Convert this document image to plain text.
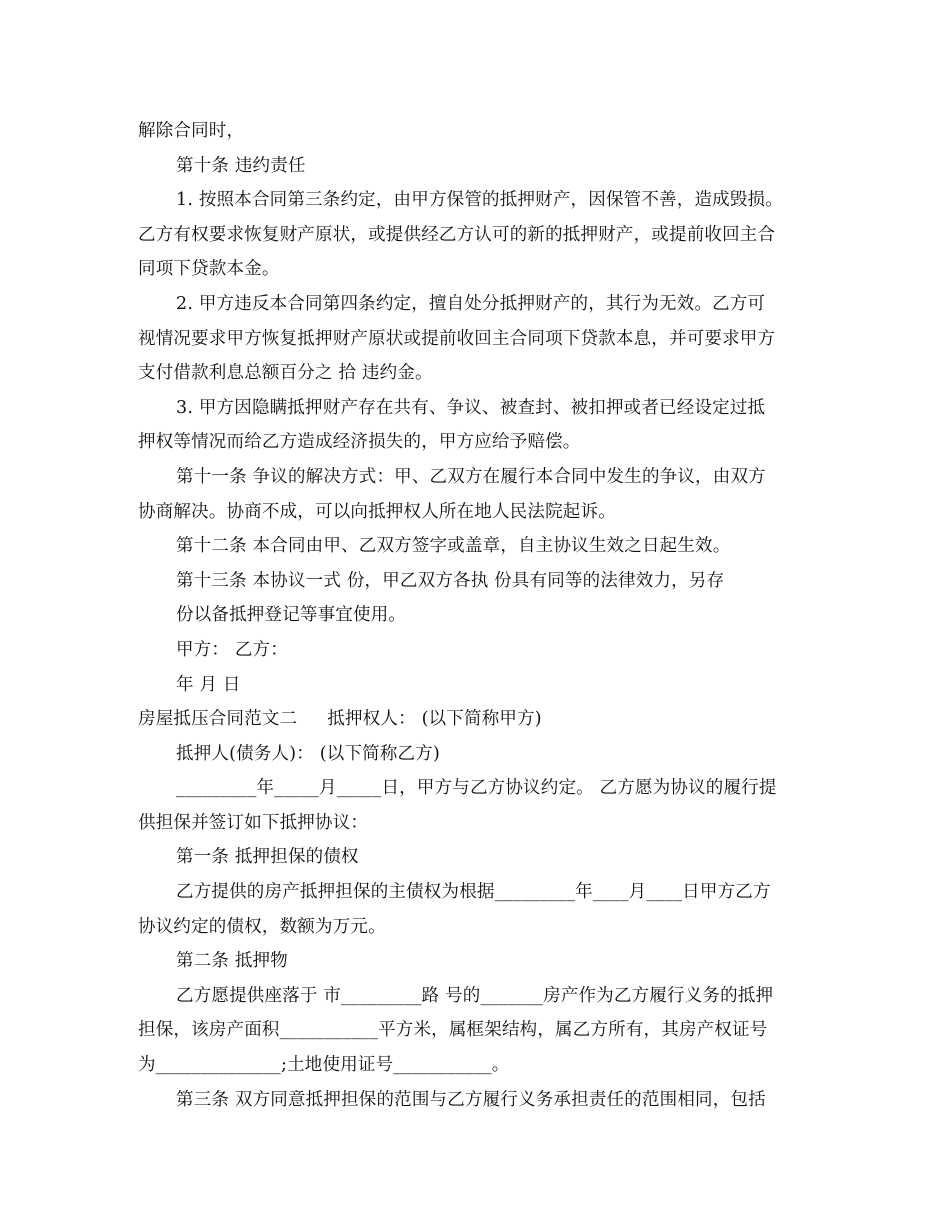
解除合同时，
第十条 违约责任
1. 按照本合同第三条约定，由甲方保管的抵押财产，因保管不善，造成毁损。
乙方有权要求恢复财产原状，或提供经乙方认可的新的抵押财产，或提前收回主合
同项下贷款本金。
2. 甲方违反本合同第四条约定，擅自处分抵押财产的，其行为无效。乙方可
视情况要求甲方恢复抵押财产原状或提前收回主合同项下贷款本息，并可要求甲方
支付借款利息总额百分之 拾 违约金。
3. 甲方因隐瞒抵押财产存在共有、争议、被查封、被扣押或者已经设定过抵
押权等情况而给乙方造成经济损失的，甲方应给予赔偿。
第十一条 争议的解决方式：甲、乙双方在履行本合同中发生的争议，由双方
协商解决。协商不成，可以向抵押权人所在地人民法院起诉。
第十二条 本合同由甲、乙双方签字或盖章，自主协议生效之日起生效。
第十三条 本协议一式 份，甲乙双方各执 份具有同等的法律效力，另存
份以备抵押登记等事宜使用。
甲方： 乙方：
年 月 日
房屋抵压合同范文二 抵押权人： (以下简称甲方)
抵押人(债务人)： (以下简称乙方)
_________年_____月_____日，甲方与乙方协议约定。 乙方愿为协议的履行提
供担保并签订如下抵押协议：
第一条 抵押担保的债权
乙方提供的房产抵押担保的主债权为根据_________年____月____日甲方乙方
协议约定的债权，数额为万元。
第二条 抵押物
乙方愿提供座落于 市_________路 号的_______房产作为乙方履行义务的抵押
担保，该房产面积___________平方米，属框架结构，属乙方所有，其房产权证号
为______________;土地使用证号___________。
第三条 双方同意抵押担保的范围与乙方履行义务承担责任的范围相同，包括
